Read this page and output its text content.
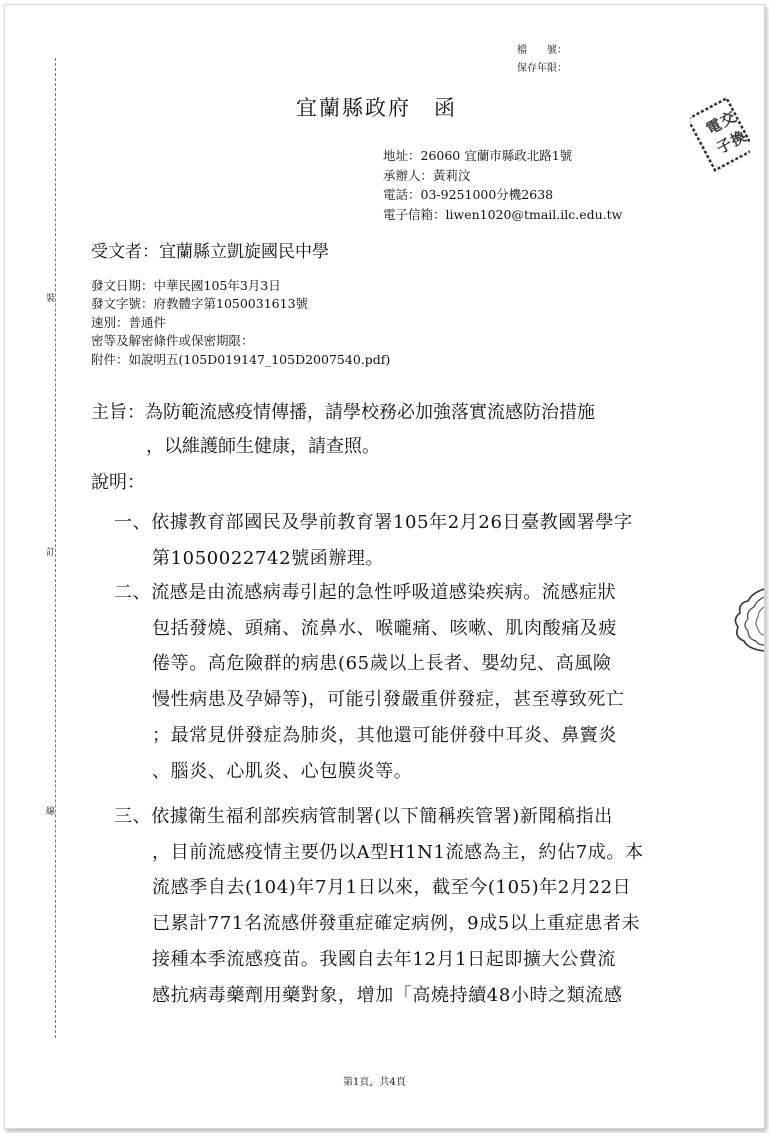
裝
訂
線
檔　　號：
保存年限：
宜蘭縣政府　函
電
交
子
換
地址：26060 宜蘭市縣政北路1號
承辦人：黃莉汶
電話：03-9251000分機2638
電子信箱：liwen1020@tmail.ilc.edu.tw
受文者：宜蘭縣立凱旋國民中學
發文日期：中華民國105年3月3日
發文字號：府教體字第1050031613號
速別：普通件
密等及解密條件或保密期限：
附件：如說明五(105D019147_105D2007540.pdf)
主旨：為防範流感疫情傳播，請學校務必加強落實流感防治措施
，以維護師生健康，請查照。
說明：
一、依據教育部國民及學前教育署105年2月26日臺教國署學字
第1050022742號函辦理。
二、流感是由流感病毒引起的急性呼吸道感染疾病。流感症狀
包括發燒、頭痛、流鼻水、喉嚨痛、咳嗽、肌肉酸痛及疲
倦等。高危險群的病患(65歲以上長者、嬰幼兒、高風險
慢性病患及孕婦等)，可能引發嚴重併發症，甚至導致死亡
；最常見併發症為肺炎，其他還可能併發中耳炎、鼻竇炎
、腦炎、心肌炎、心包膜炎等。
三、依據衛生福利部疾病管制署(以下簡稱疾管署)新聞稿指出
，目前流感疫情主要仍以A型H1N1流感為主，約佔7成。本
流感季自去(104)年7月1日以來，截至今(105)年2月22日
已累計771名流感併發重症確定病例，9成5以上重症患者未
接種本季流感疫苗。我國自去年12月1日起即擴大公費流
感抗病毒藥劑用藥對象，增加「高燒持續48小時之類流感
第1頁，共4頁
